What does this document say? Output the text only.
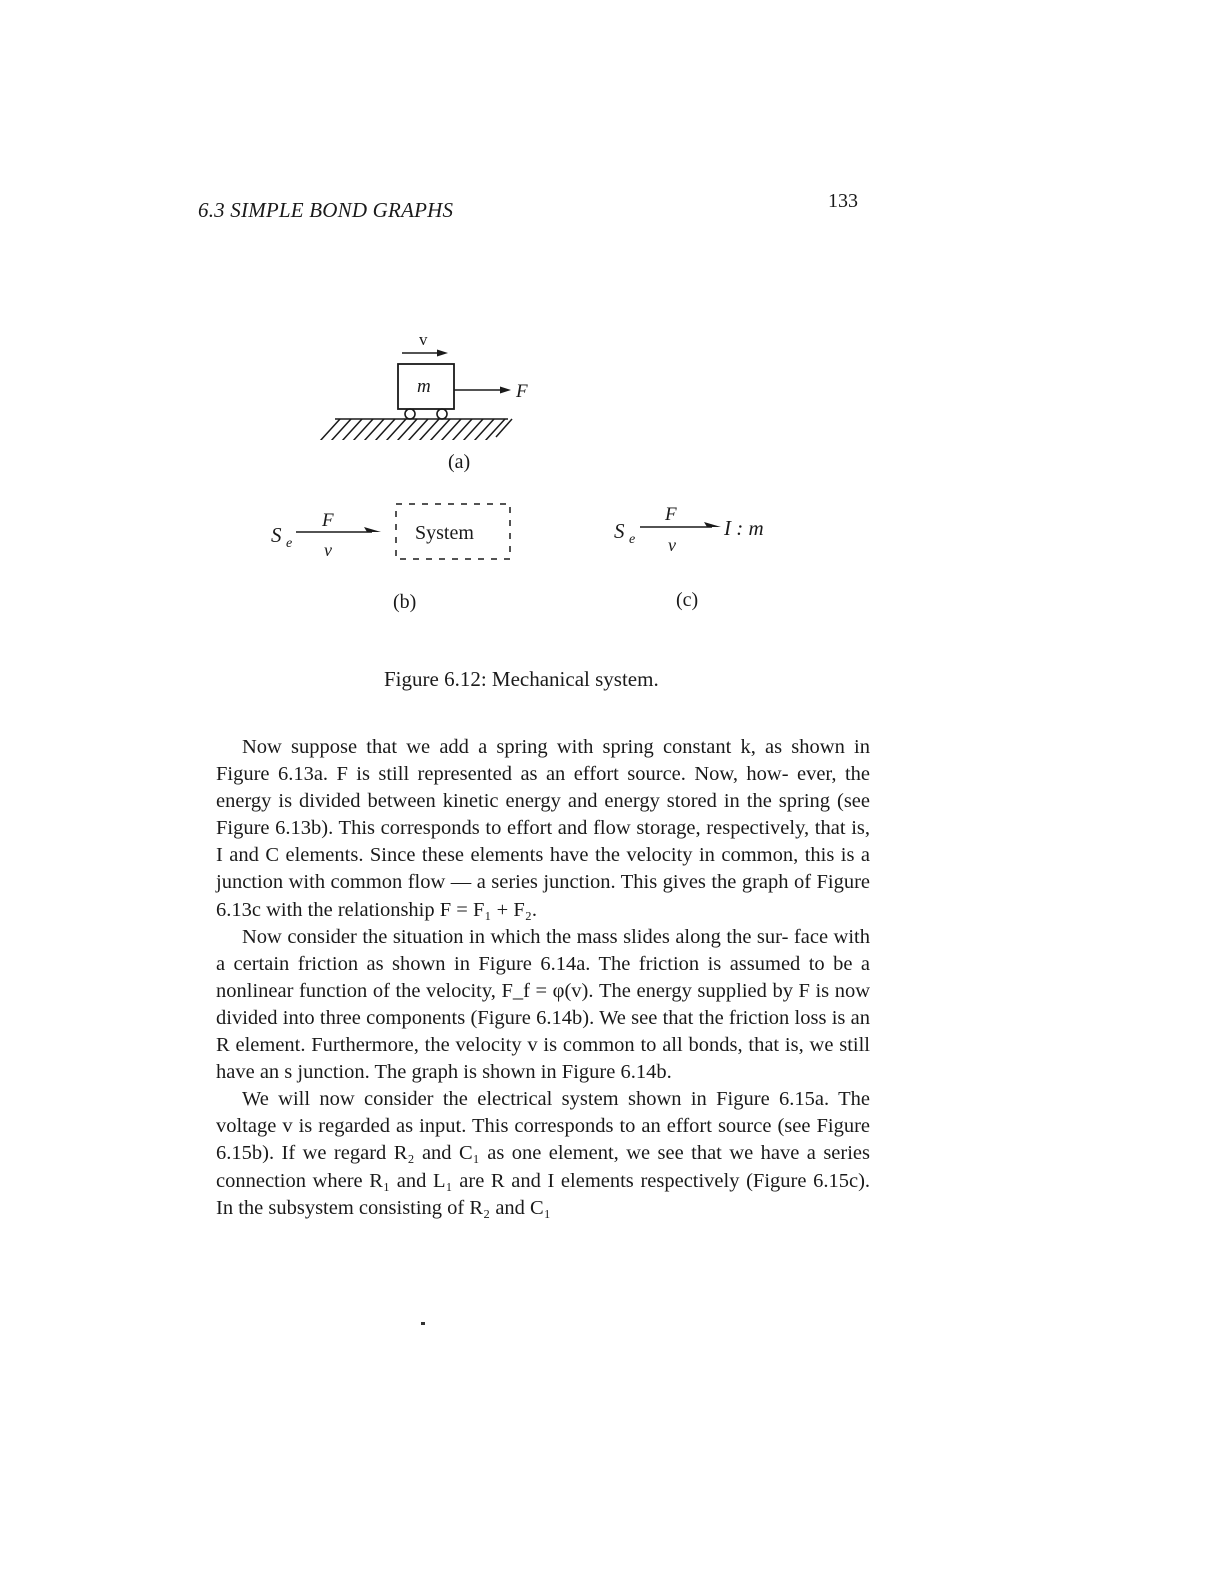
6.3 SIMPLE BOND GRAPHS	133
v
m	F
(a)
S e
F
v
System
(b)
S e
F
v
I : m
(c)
Figure 6.12: Mechanical system.

Now suppose that we add a spring with spring constant k, as shown in Figure 6.13a. F is still represented as an effort source. Now, how- ever, the energy is divided between kinetic energy and energy stored in the spring (see Figure 6.13b). This corresponds to effort and flow storage, respectively, that is, I and C elements. Since these elements have the velocity in common, this is a junction with common flow — a series junction. This gives the graph of Figure 6.13c with the relationship F = F₁ + F₂.

Now consider the situation in which the mass slides along the sur- face with a certain friction as shown in Figure 6.14a. The friction is assumed to be a nonlinear function of the velocity, F_f = φ(v). The energy supplied by F is now divided into three components (Figure 6.14b). We see that the friction loss is an R element. Furthermore, the velocity v is common to all bonds, that is, we still have an s junction. The graph is shown in Figure 6.14b.

We will now consider the electrical system shown in Figure 6.15a. The voltage v is regarded as input. This corresponds to an effort source (see Figure 6.15b). If we regard R₂ and C₁ as one element, we see that we have a series connection where R₁ and L₁ are R and I elements respectively (Figure 6.15c). In the subsystem consisting of R₂ and C₁
